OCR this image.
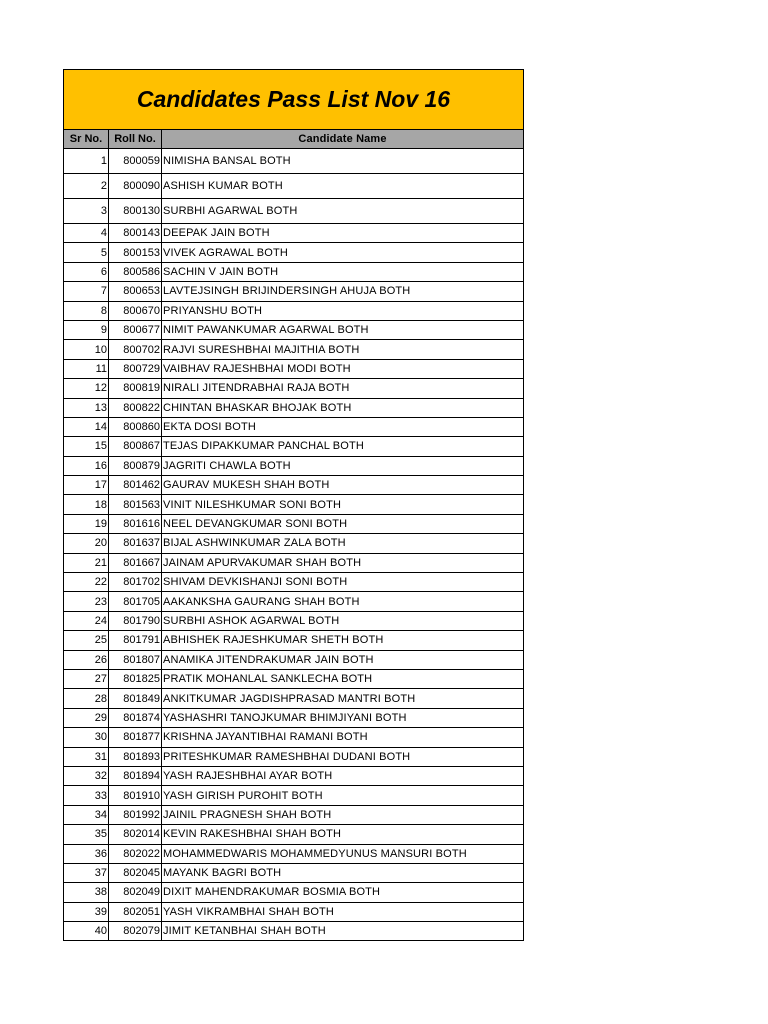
Candidates Pass List Nov 16
Sr No.	Roll No.	Candidate Name
1	800059 NIMISHA BANSAL BOTH
2	800090 ASHISH KUMAR BOTH
3	800130 SURBHI AGARWAL BOTH
4	800143 DEEPAK JAIN BOTH
5	800153 VIVEK AGRAWAL BOTH
6	800586 SACHIN V JAIN BOTH
7	800653 LAVTEJSINGH BRIJINDERSINGH AHUJA BOTH
8	800670 PRIYANSHU BOTH
9	800677 NIMIT PAWANKUMAR AGARWAL BOTH
10	800702 RAJVI SURESHBHAI MAJITHIA BOTH
11	800729 VAIBHAV RAJESHBHAI MODI BOTH
12	800819 NIRALI JITENDRABHAI RAJA BOTH
13	800822 CHINTAN BHASKAR BHOJAK BOTH
14	800860 EKTA DOSI BOTH
15	800867 TEJAS DIPAKKUMAR PANCHAL BOTH
16	800879 JAGRITI CHAWLA BOTH
17	801462 GAURAV MUKESH SHAH BOTH
18	801563 VINIT NILESHKUMAR SONI BOTH
19	801616 NEEL DEVANGKUMAR SONI BOTH
20	801637 BIJAL ASHWINKUMAR ZALA BOTH
21	801667 JAINAM APURVAKUMAR SHAH BOTH
22	801702 SHIVAM DEVKISHANJI SONI BOTH
23	801705 AAKANKSHA GAURANG SHAH BOTH
24	801790 SURBHI ASHOK AGARWAL BOTH
25	801791 ABHISHEK RAJESHKUMAR SHETH BOTH
26	801807 ANAMIKA JITENDRAKUMAR JAIN BOTH
27	801825 PRATIK MOHANLAL SANKLECHA BOTH
28	801849 ANKITKUMAR JAGDISHPRASAD MANTRI BOTH
29	801874 YASHASHRI TANOJKUMAR BHIMJIYANI BOTH
30	801877 KRISHNA JAYANTIBHAI RAMANI BOTH
31	801893 PRITESHKUMAR RAMESHBHAI DUDANI BOTH
32	801894 YASH RAJESHBHAI AYAR BOTH
33	801910 YASH GIRISH PUROHIT BOTH
34	801992 JAINIL PRAGNESH SHAH BOTH
35	802014 KEVIN RAKESHBHAI SHAH BOTH
36	802022 MOHAMMEDWARIS MOHAMMEDYUNUS MANSURI BOTH
37	802045 MAYANK BAGRI BOTH
38	802049 DIXIT MAHENDRAKUMAR BOSMIA BOTH
39	802051 YASH VIKRAMBHAI SHAH BOTH
40	802079 JIMIT KETANBHAI SHAH BOTH
